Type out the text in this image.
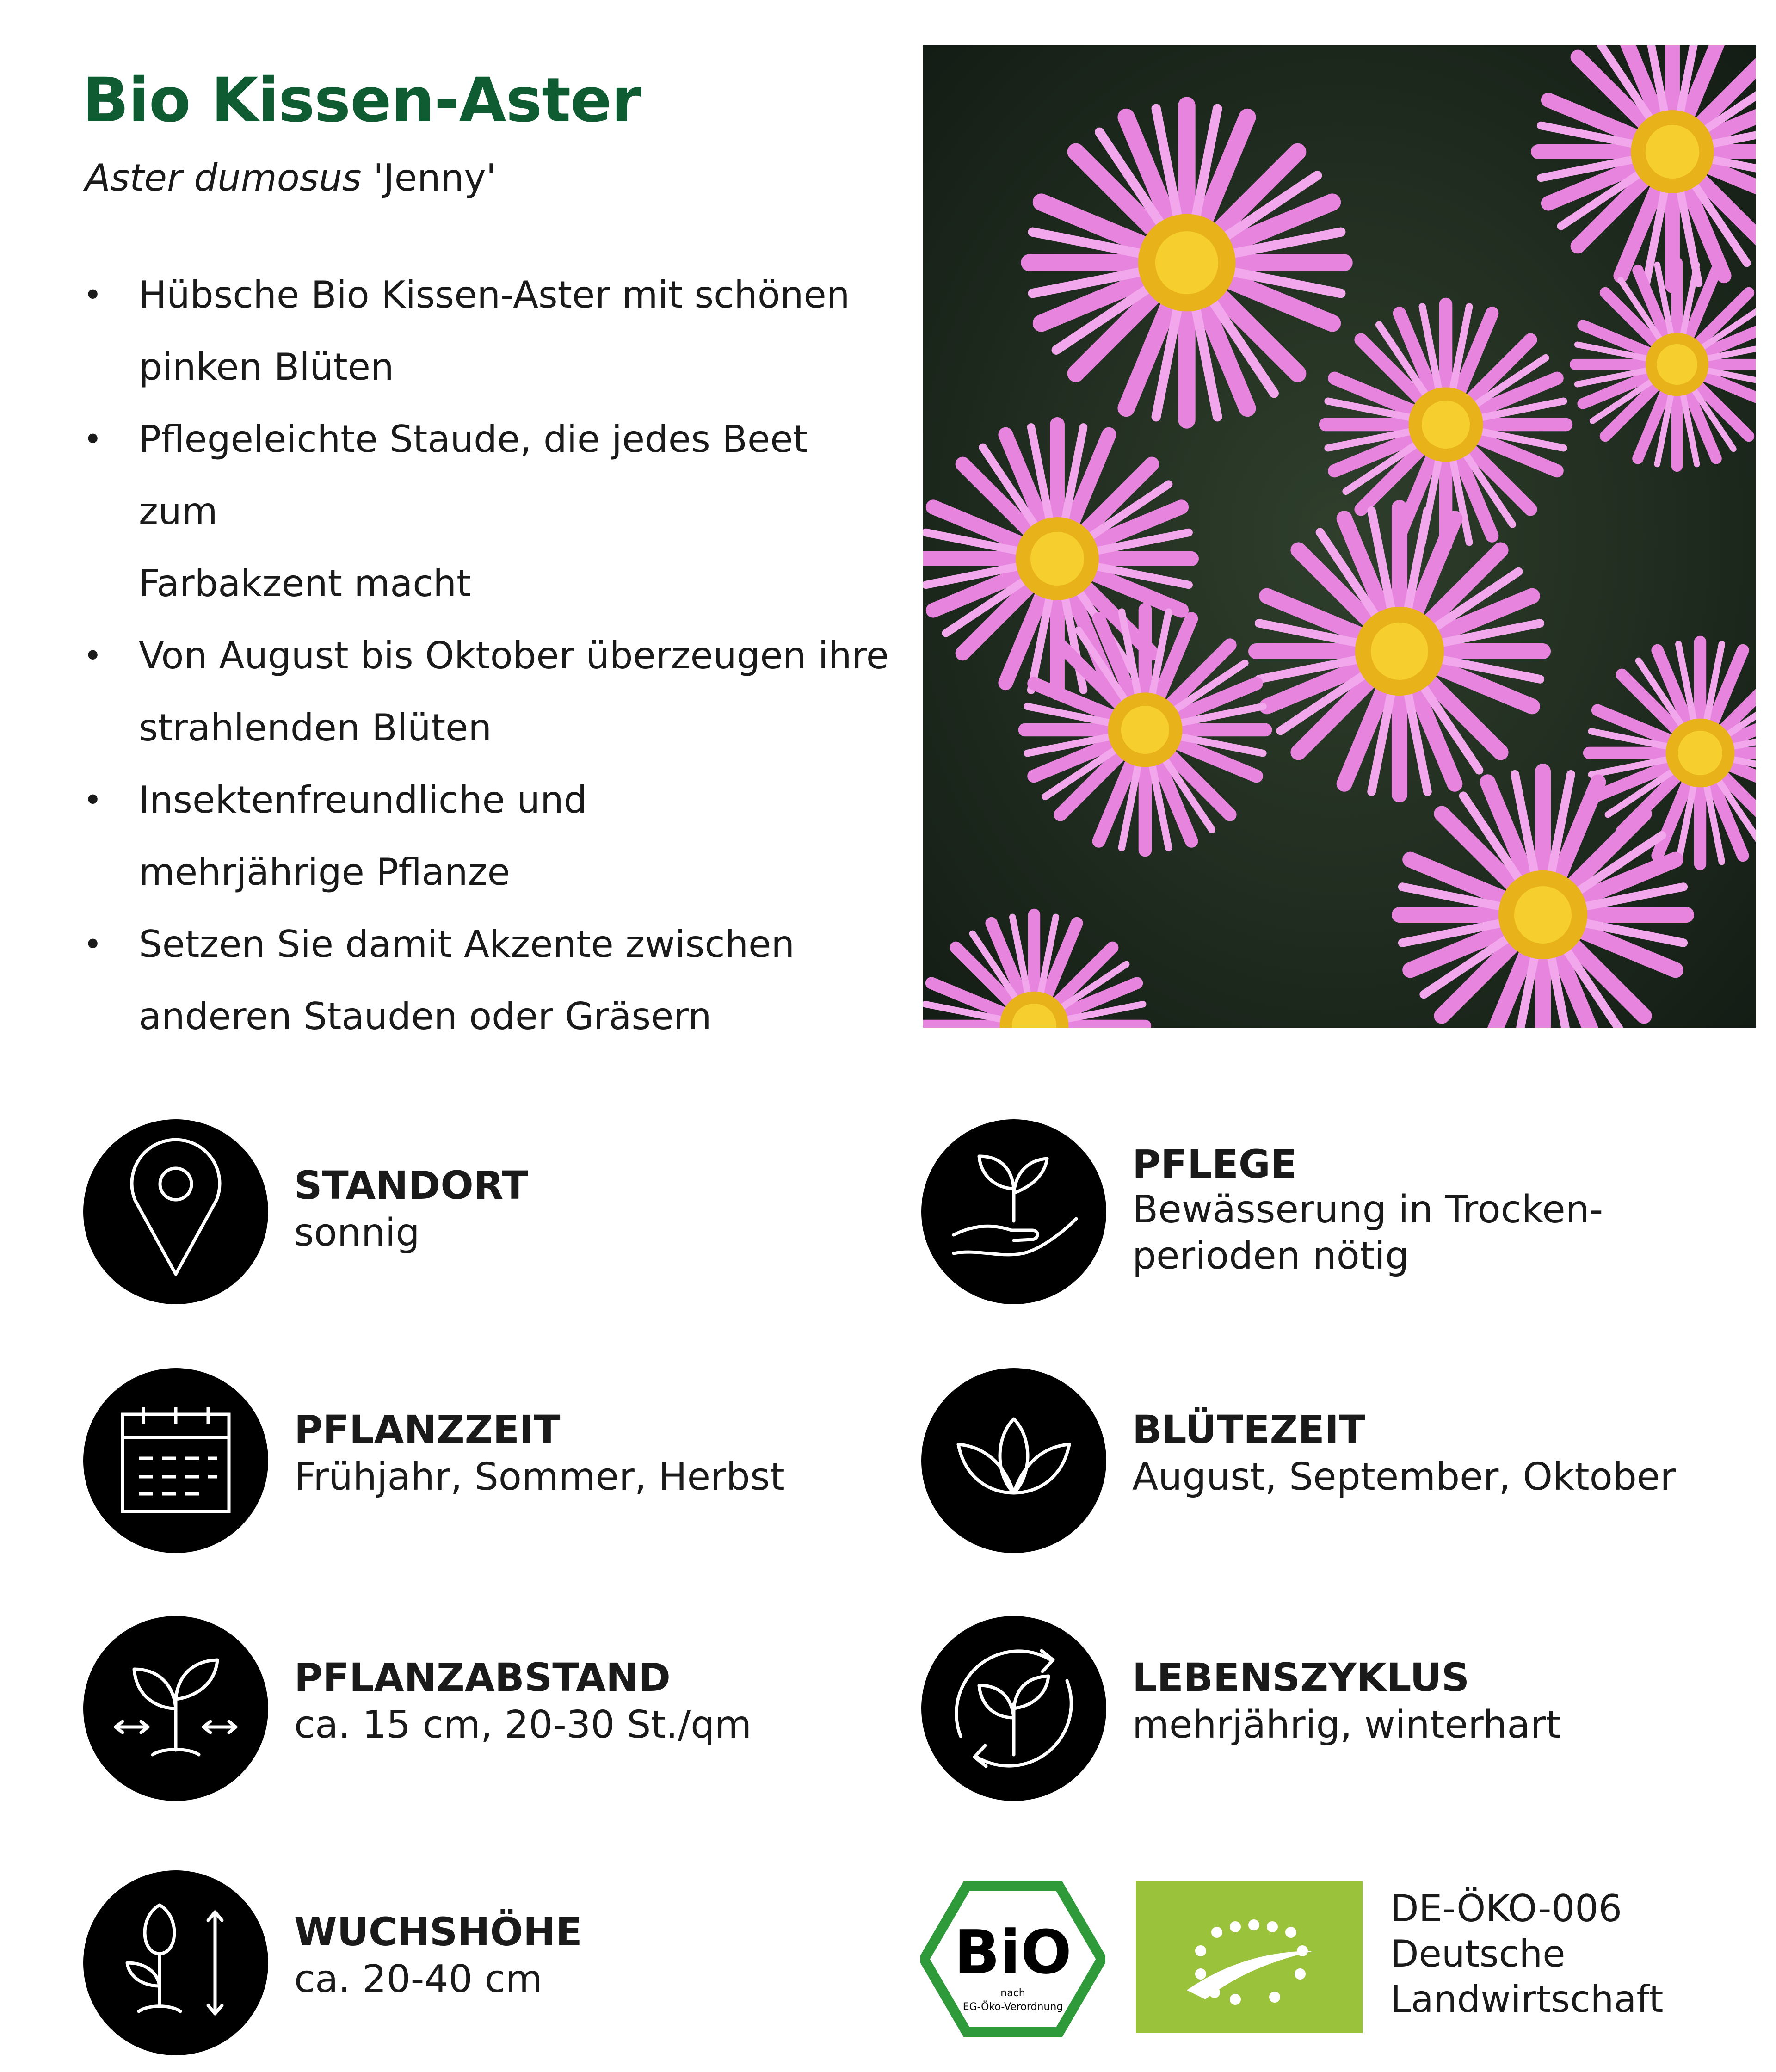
Bio Kissen-Aster
Aster dumosus 'Jenny'
• Hübsche Bio Kissen-Aster mit schönen
pinken Blüten
• Pflegeleichte Staude, die jedes Beet zum
Farbakzent macht
• Von August bis Oktober überzeugen ihre
strahlenden Blüten
• Insektenfreundliche und
mehrjährige Pflanze
• Setzen Sie damit Akzente zwischen
anderen Stauden oder Gräsern
STANDORT
sonnig
PFLEGE
Bewässerung in Trocken-
perioden nötig
PFLANZZEIT
Frühjahr, Sommer, Herbst
BLÜTEZEIT
August, September, Oktober
PFLANZABSTAND
ca. 15 cm, 20-30 St./qm
LEBENSZYKLUS
mehrjährig, winterhart
WUCHSHÖHE
ca. 20-40 cm	BiO
nach
EG-Öko-Verordnung
DE-ÖKO-006
Deutsche
Landwirtschaft
